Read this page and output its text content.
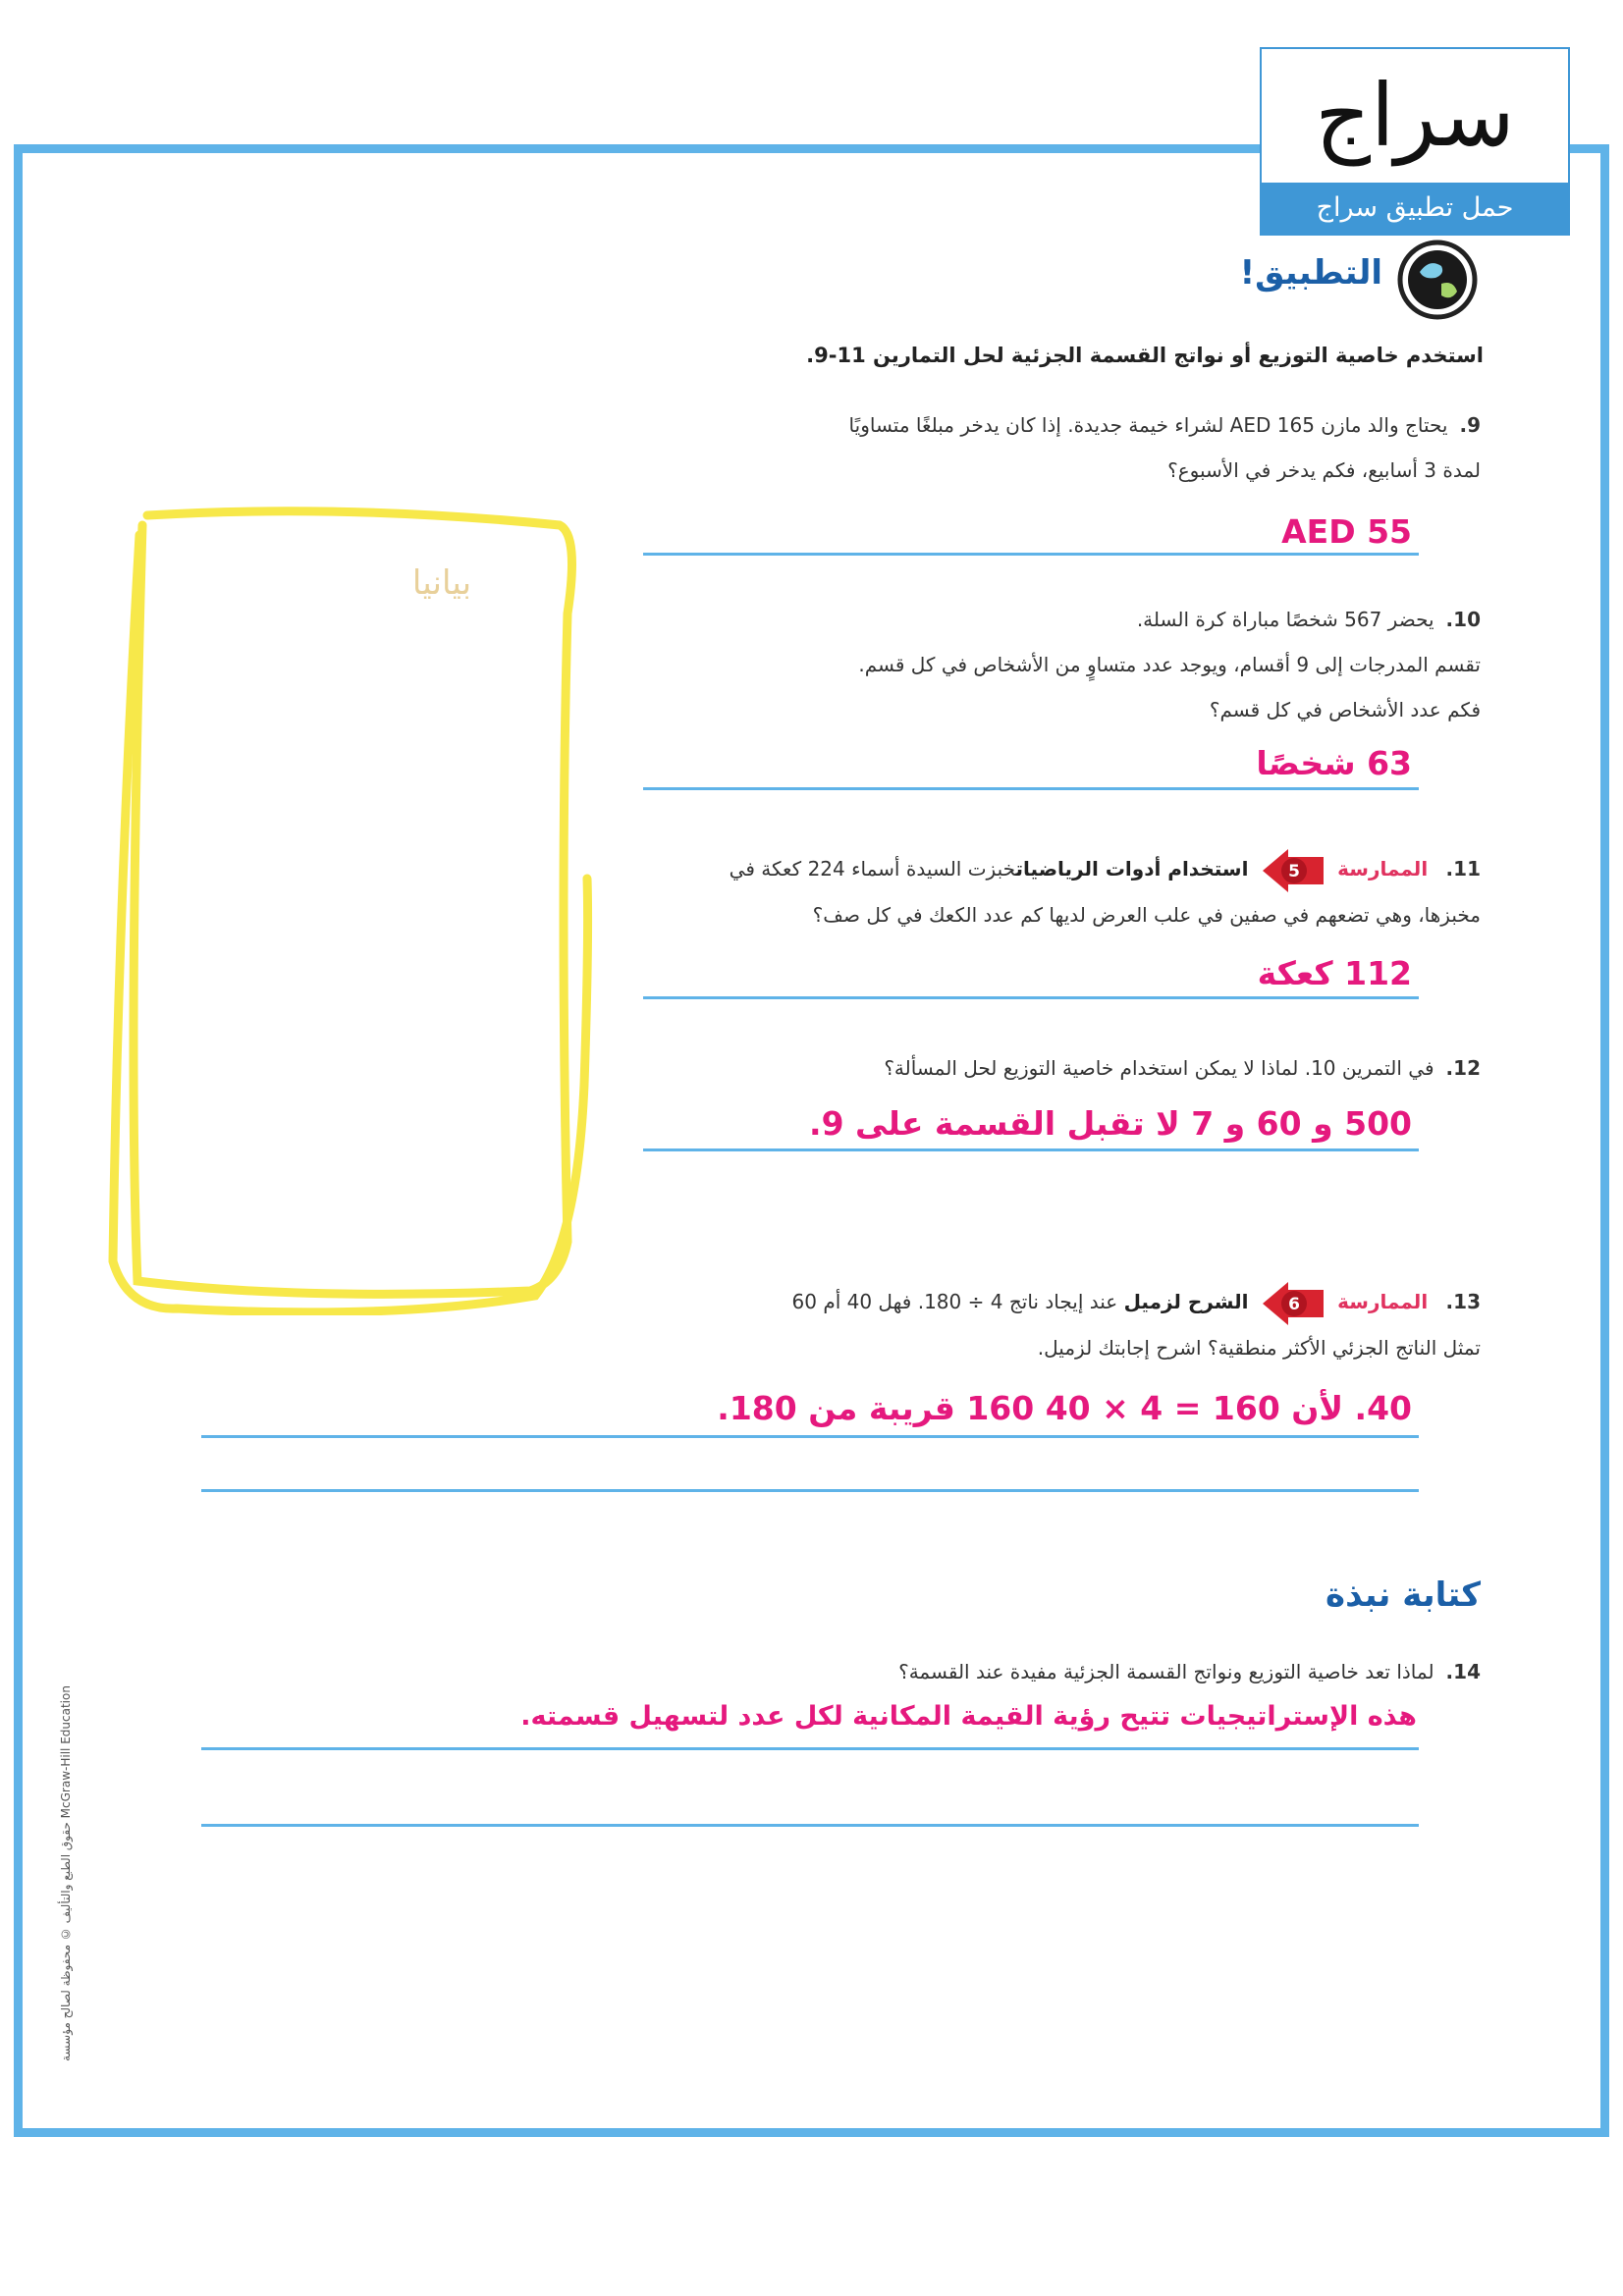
سراج
حمل تطبيق سراج
التطبيق!
استخدم خاصية التوزيع أو نواتج القسمة الجزئية لحل التمارين 11-9.
9.يحتاج والد مازن AED 165 لشراء خيمة جديدة. إذا كان يدخر مبلغًا متساويًا
لمدة 3 أسابيع، فكم يدخر في الأسبوع؟
AED 55
10.يحضر 567 شخصًا مباراة كرة السلة.
تقسم المدرجات إلى 9 أقسام، ويوجد عدد متساوٍ من الأشخاص في كل قسم.
فكم عدد الأشخاص في كل قسم؟
63 شخصًا
11. الممارسة
5
استخدام أدوات الرياضياتخبزت السيدة أسماء 224 كعكة في
مخبزها، وهي تضعهم في صفين في علب العرض لديها كم عدد الكعك في كل صف؟
112 كعكة
12.في التمرين 10. لماذا لا يمكن استخدام خاصية التوزيع لحل المسألة؟
500 و 60 و 7 لا تقبل القسمة على 9.
13. الممارسة
6
الشرح لزميل عند إيجاد ناتج 4 ÷ 180. فهل 40 أم 60
تمثل الناتج الجزئي الأكثر منطقية؟ اشرح إجابتك لزميل.
40. لأن 160 = 4 × 40 160 قريبة من 180.
كتابة نبذة
14.لماذا تعد خاصية التوزيع ونواتج القسمة الجزئية مفيدة عند القسمة؟
هذه الإستراتيجيات تتيح رؤية القيمة المكانية لكل عدد لتسهيل قسمته.
بيانيا
حقوق الطبع والتأليف © محفوظة لصالح مؤسسة McGraw-Hill Education
